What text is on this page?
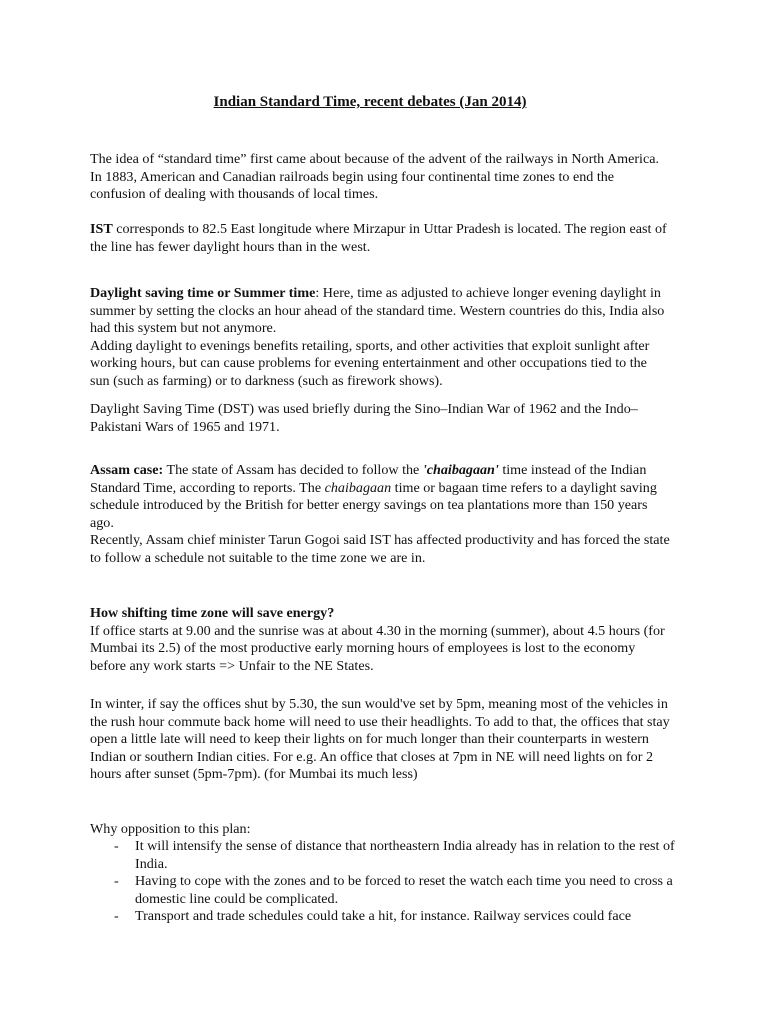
Indian Standard Time, recent debates (Jan 2014)

The idea of “standard time” first came about because of the advent of the railways in North America. In 1883, American and Canadian railroads begin using four continental time zones to end the confusion of dealing with thousands of local times.

IST corresponds to 82.5 East longitude where Mirzapur in Uttar Pradesh is located. The region east of the line has fewer daylight hours than in the west.

Daylight saving time or Summer time: Here, time as adjusted to achieve longer evening daylight in summer by setting the clocks an hour ahead of the standard time. Western countries do this, India also had this system but not anymore.

Adding daylight to evenings benefits retailing, sports, and other activities that exploit sunlight after working hours, but can cause problems for evening entertainment and other occupations tied to the sun (such as farming) or to darkness (such as firework shows).

Daylight Saving Time (DST) was used briefly during the Sino–Indian War of 1962 and the Indo–Pakistani Wars of 1965 and 1971.

Assam case: The state of Assam has decided to follow the 'chaibagaan' time instead of the Indian Standard Time, according to reports. The chaibagaan time or bagaan time refers to a daylight saving schedule introduced by the British for better energy savings on tea plantations more than 150 years ago.

Recently, Assam chief minister Tarun Gogoi said IST has affected productivity and has forced the state to follow a schedule not suitable to the time zone we are in.

How shifting time zone will save energy?

If office starts at 9.00 and the sunrise was at about 4.30 in the morning (summer), about 4.5 hours (for Mumbai its 2.5) of the most productive early morning hours of employees is lost to the economy before any work starts => Unfair to the NE States.

In winter, if say the offices shut by 5.30, the sun would've set by 5pm, meaning most of the vehicles in the rush hour commute back home will need to use their headlights. To add to that, the offices that stay open a little late will need to keep their lights on for much longer than their counterparts in western Indian or southern Indian cities. For e.g. An office that closes at 7pm in NE will need lights on for 2 hours after sunset (5pm-7pm). (for Mumbai its much less)

Why opposition to this plan:

- It will intensify the sense of distance that northeastern India already has in relation to the rest of India.
- Having to cope with the zones and to be forced to reset the watch each time you need to cross a domestic line could be complicated.
- Transport and trade schedules could take a hit, for instance. Railway services could face
